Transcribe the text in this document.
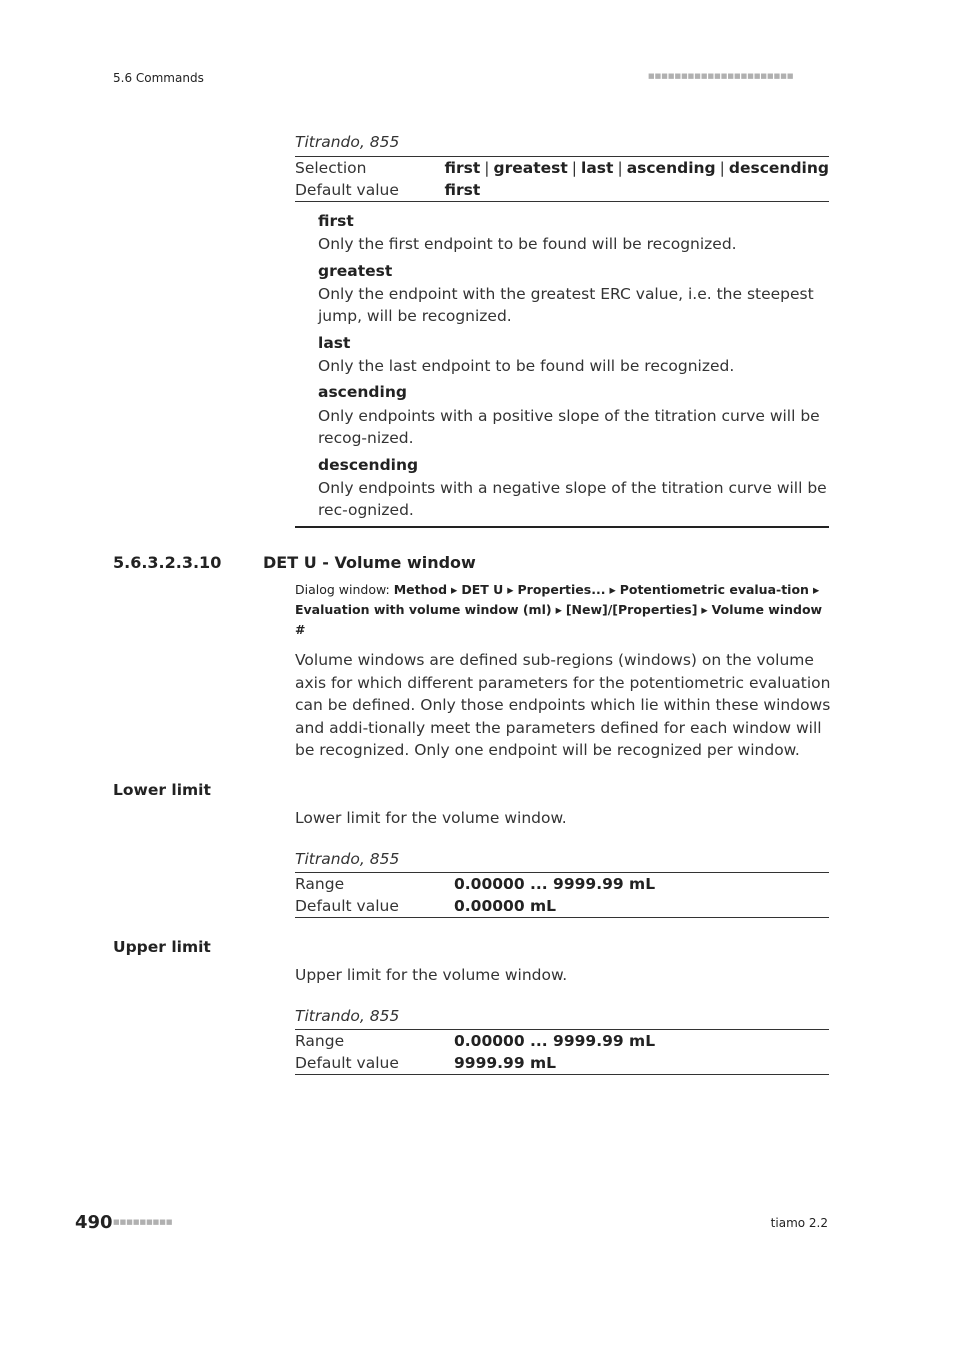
5.6 Commands	■■■■■■■■■■■■■■■■■■■■■■
Titrando, 855
Selection	first | greatest | last | ascending | descending
Default value	first
first
Only the first endpoint to be found will be recognized.
greatest
Only the endpoint with the greatest ERC value, i.e. the steepest jump, will be recognized.
last
Only the last endpoint to be found will be recognized.
ascending
Only endpoints with a positive slope of the titration curve will be recog-nized.
descending
Only endpoints with a negative slope of the titration curve will be rec-ognized.
5.6.3.2.3.10	DET U - Volume window
Dialog window: Method ▸ DET U ▸ Properties... ▸ Potentiometric evalua-tion ▸ Evaluation with volume window (ml) ▸ [New]/[Properties] ▸ Volume window #
Volume windows are defined sub-regions (windows) on the volume axis for which different parameters for the potentiometric evaluation can be defined. Only those endpoints which lie within these windows and addi-tionally meet the parameters defined for each window will be recognized. Only one endpoint will be recognized per window.
Lower limit
Lower limit for the volume window.
Titrando, 855
Range	0.00000 ... 9999.99 mL
Default value	0.00000 mL
Upper limit
Upper limit for the volume window.
Titrando, 855
Range	0.00000 ... 9999.99 mL
Default value	9999.99 mL
490 ■■■■■■■■■	tiamo 2.2
